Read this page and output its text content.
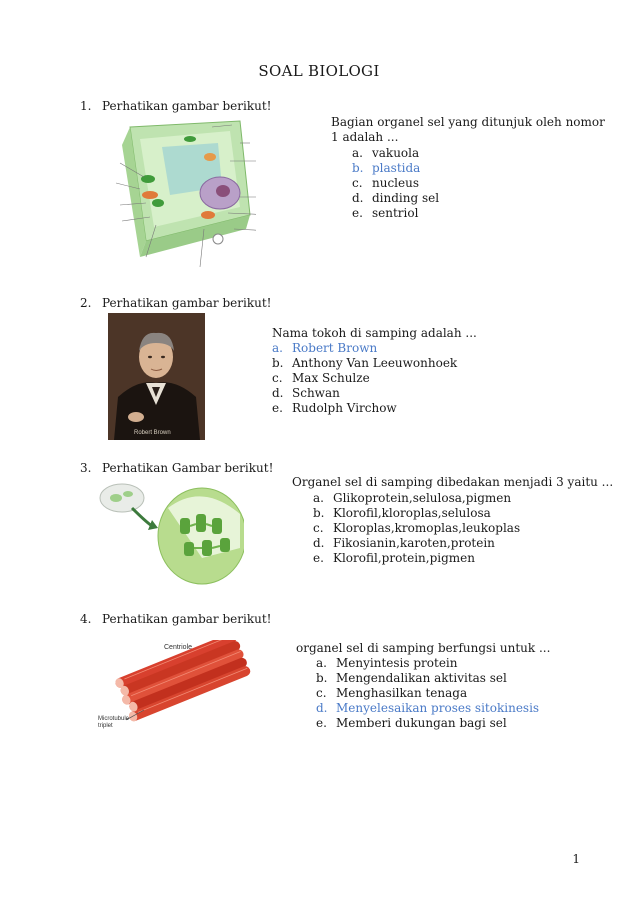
SOAL BIOLOGI
1. Perhatikan gambar berikut!
Bagian organel sel yang ditunjuk oleh nomor
1 adalah ...
a. vakuola
b. plastida
c. nucleus
d. dinding sel
e. sentriol
2. Perhatikan gambar berikut!
Robert Brown
Nama tokoh di samping adalah ...
a. Robert Brown
b. Anthony Van Leeuwonhoek
c. Max Schulze
d. Schwan
e. Rudolph Virchow
3. Perhatikan Gambar berikut!
Organel sel di samping dibedakan menjadi 3 yaitu ...
a. Glikoprotein,selulosa,pigmen
b. Klorofil,kloroplas,selulosa
c. Kloroplas,kromoplas,leukoplas
d. Fikosianin,karoten,protein
e. Klorofil,protein,pigmen
4. Perhatikan gambar berikut!
Centriole
Microtubule
triplet
organel sel di samping berfungsi untuk ...
a. Menyintesis protein
b. Mengendalikan aktivitas sel
c. Menghasilkan tenaga
d. Menyelesaikan proses sitokinesis
e. Memberi dukungan bagi sel
1
